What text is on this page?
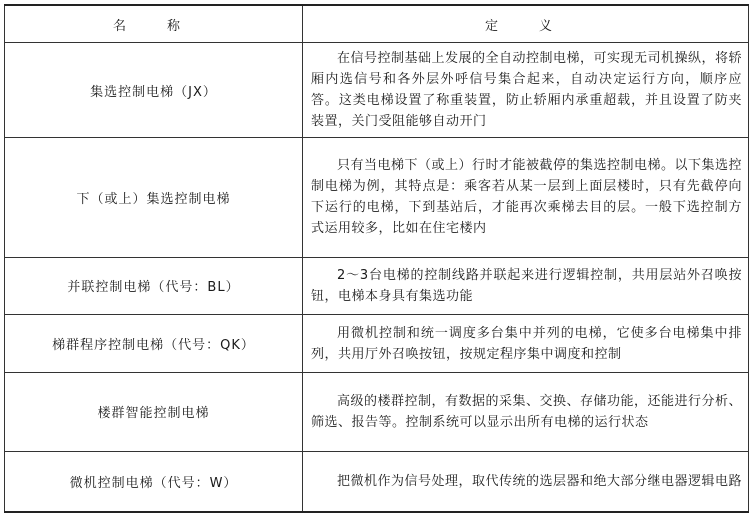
名　称	定　义
集选控制电梯（JX）	在信号控制基础上发展的全自动控制电梯，可实现无司机操纵，将轿厢内选信号和各外层外呼信号集合起来，自动决定运行方向，顺序应答。这类电梯设置了称重装置，防止轿厢内承重超载，并且设置了防夹装置，关门受阻能够自动开门
下（或上）集选控制电梯	只有当电梯下（或上）行时才能被截停的集选控制电梯。以下集选控制电梯为例，其特点是：乘客若从某一层到上面层楼时，只有先截停向下运行的电梯，下到基站后，才能再次乘梯去目的层。一般下选控制方式运用较多，比如在住宅楼内
并联控制电梯（代号：BL）	2～3台电梯的控制线路并联起来进行逻辑控制，共用层站外召唤按钮，电梯本身具有集选功能
梯群程序控制电梯（代号：QK）	用微机控制和统一调度多台集中并列的电梯，它使多台电梯集中排列，共用厅外召唤按钮，按规定程序集中调度和控制
楼群智能控制电梯	高级的楼群控制，有数据的采集、交换、存储功能，还能进行分析、筛选、报告等。控制系统可以显示出所有电梯的运行状态
微机控制电梯（代号：W）	把微机作为信号处理，取代传统的选层器和绝大部分继电器逻辑电路
